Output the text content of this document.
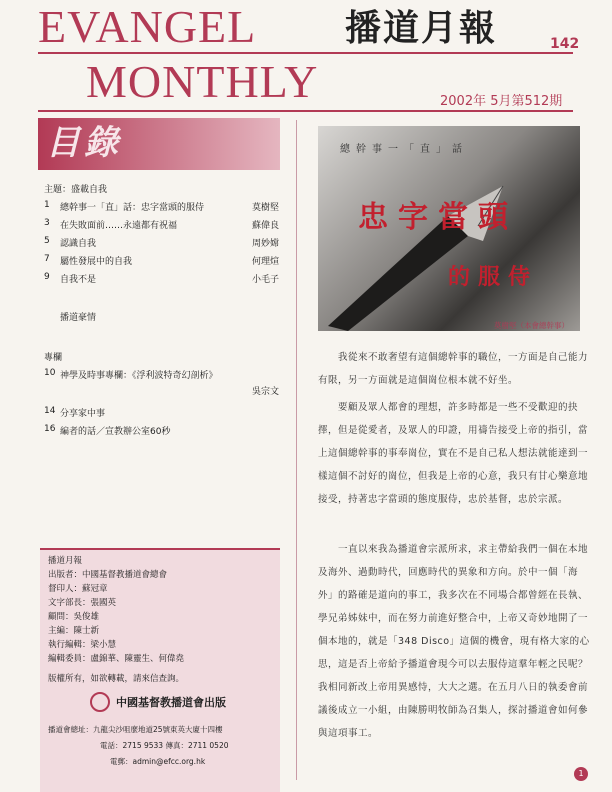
EVANGEL 播道月報	142
MONTHLY	2002年 5月第512期
目錄
主題：盛載自我
1 總幹事一「直」話：忠字當頭的服侍	莫樹堅
3 在失敗面前……永遠都有祝福	蘇偉良
5 認識自我	周妙嫦
7 屬性發展中的自我	何理煊
9 自我不是	小毛子
播道豪情
專欄
10 神學及時事專欄：《浮利波特奇幻剖析》
吳宗文
14 分享家中事
16 編者的話／宣教辦公室60秒
播道月報
出版者：中國基督教播道會總會
督印人：蘇冠章
文字部長：張國英
顧問：吳俊雄
主編：陳士新
執行編輯：梁小慧
編輯委員：盧錦華、陳靈生、何偉堯
版權所有，如欲轉載，請來信查詢。
中國基督教播道會出版
播道會總址：九龍尖沙咀麼地道25號東英大廈十四樓
電話：2715 9533 傳真：2711 0520
電郵：admin@efcc.org.hk
總幹事一「直」話
忠字當頭
的服侍
莫樹堅（本會總幹事）
我從來不敢奢望有這個總幹事的職位，一方面是自己能力有限，另一方面就是這個崗位根本就不好坐。
要顧及眾人都會的理想，許多時都是一些不受歡迎的抉擇，但是從愛者，及眾人的印證，用禱告接受上帝的指引，當上這個總幹事的事奉崗位，實在不是自己私人想法就能達到一樣這個不討好的崗位，但我是上帝的心意，我只有甘心樂意地接受，持著忠字當頭的態度服侍，忠於基督，忠於宗派。
一直以來我為播道會宗派所求，求主帶給我們一個在本地及海外、過動時代，回應時代的異象和方向。於中一個「海外」的路確是道向的事工，我多次在不同場合都曾經在長執、學兄弟姊妹中，而在努力前進好整合中，上帝又奇妙地開了一個本地的，就是「348 Disco」這個的機會，現有格大家的心思，這是否上帝給予播道會現今可以去服侍這羣年輕之民呢？我相同新改上帝用異感恃，大大之選。在五月八日的執委會前議後成立一小組，由陳勝明牧師為召集人，探討播道會如何參與這項事工。
1
